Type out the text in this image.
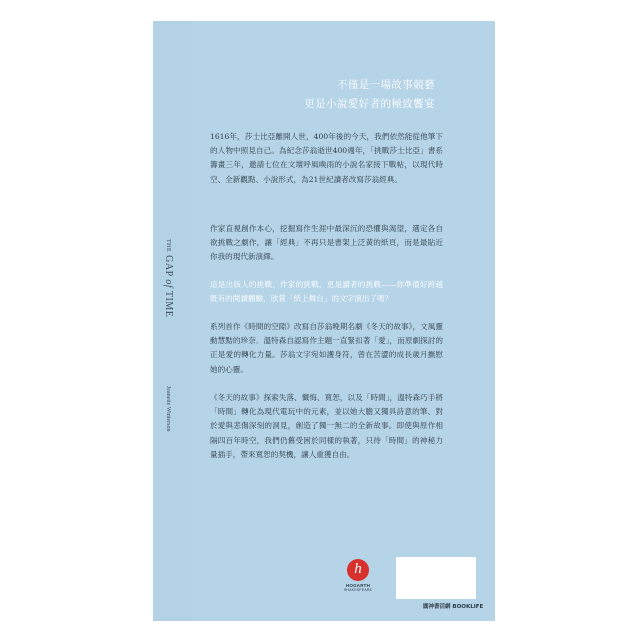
THE GAP of TIME
Jeanette Winterson
不僅是一場故事競藝
更是小說愛好者的極致饗宴
1616年，莎士比亞離開人世，400年後的今天，我們依然能從他筆下的人物中照見自己。為紀念莎翁逝世400週年，「挑戰莎士比亞」書系籌畫三年，邀請七位在文壇呼風喚雨的小說名家接下戰帖，以現代時空、全新觀點、小說形式，為21世紀讀者改寫莎翁經典。
作家直視創作本心，挖掘寫作生涯中最深沉的恐懼與渴望，選定各自欲挑戰之劇作，讓「經典」不再只是書架上泛黃的紙頁，而是最貼近你我的現代新演繹。
這是出版人的挑戰、作家的挑戰，更是讀者的挑戰——你準備好跨越既有的閱讀體驗，欣賞「紙上舞台」的文字演出了嗎？
系列首作《時間的空隙》改寫自莎翁晚期名劇《冬天的故事》，文風靈動慧黠的珍奈．溫特森自認寫作主題一直緊扣著「愛」，而原劇探討的正是愛的轉化力量。莎翁文字宛如護身符，曾在苦澀的成長歲月撫慰她的心靈。
《冬天的故事》探索失落、懺悔、寬恕，以及「時間」，溫特森巧手將「時間」轉化為現代電玩中的元素，並以她大膽又獨具詩意的筆、對於愛與悲傷深刻的洞見，創造了獨一無二的全新故事。即使與原作相隔四百年時空，我們仍舊受困於同樣的執著，只待「時間」的神秘力量插手，帶來寬恕的契機，讓人重獲自由。
h
HOGARTH
SHAKESPEARE
圓神書活網 BOOKLIFE
